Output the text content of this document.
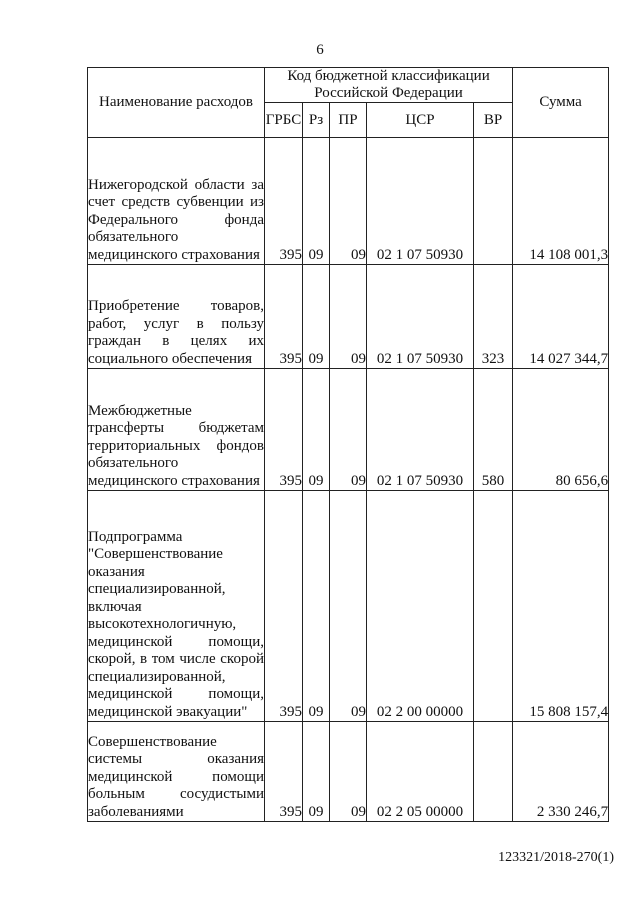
6
Наименование расходов	Код бюджетной классификации Российской Федерации					Сумма
	ГРБС	Рз	ПР	ЦСР	ВР	
Нижегородской области за счет средств субвенции из Федерального фонда обязательного медицинского страхования	395	09	09	02 1 07 50930		14 108 001,3
Приобретение товаров, работ, услуг в пользу граждан в целях их социального обеспечения	395	09	09	02 1 07 50930	323	14 027 344,7
Межбюджетные трансферты бюджетам территориальных фондов обязательного медицинского страхования	395	09	09	02 1 07 50930	580	80 656,6
Подпрограмма "Совершенствование оказания специализированной, включая высокотехнологичную, медицинской помощи, скорой, в том числе скорой специализированной, медицинской помощи, медицинской эвакуации"	395	09	09	02 2 00 00000		15 808 157,4
Совершенствование системы оказания медицинской помощи больным сосудистыми заболеваниями	395	09	09	02 2 05 00000		2 330 246,7
123321/2018-270(1)
